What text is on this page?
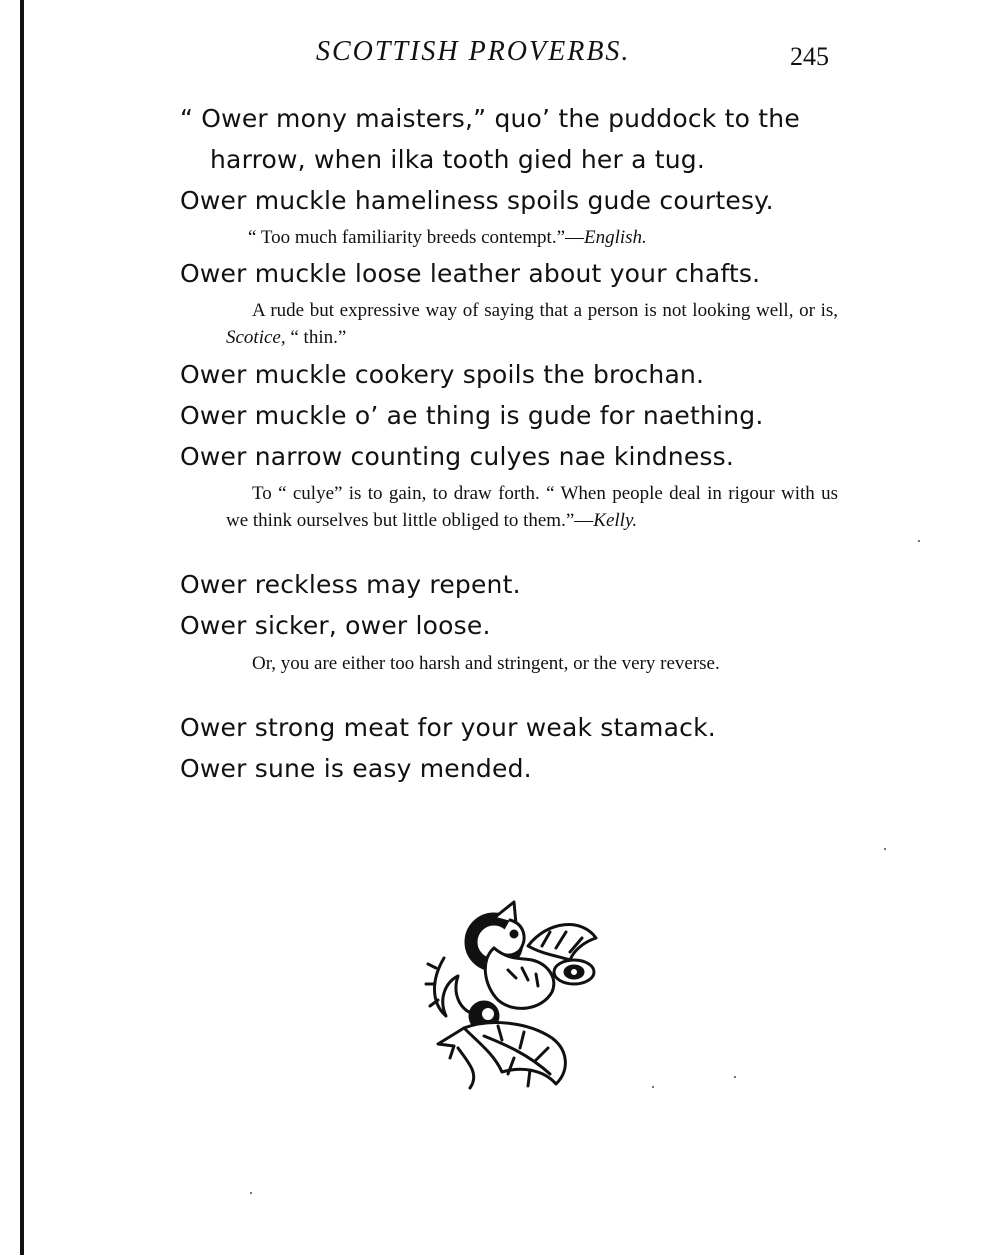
SCOTTISH PROVERBS.	245
“ Ower mony maisters,” quo’ the puddock to the
harrow, when ilka tooth gied her a tug.
Ower muckle hameliness spoils gude courtesy.
“ Too much familiarity breeds contempt.”—English.
Ower muckle loose leather about your chafts.
A rude but expressive way of saying that a person is not looking well, or is, Scotice, “ thin.”
Ower muckle cookery spoils the brochan.
Ower muckle o’ ae thing is gude for naething.
Ower narrow counting culyes nae kindness.
To “ culye” is to gain, to draw forth. “ When people deal in rigour with us we think ourselves but little obliged to them.”—Kelly.
Ower reckless may repent.
Ower sicker, ower loose.
Or, you are either too harsh and stringent, or the very reverse.
Ower strong meat for your weak stamack.
Ower sune is easy mended.
